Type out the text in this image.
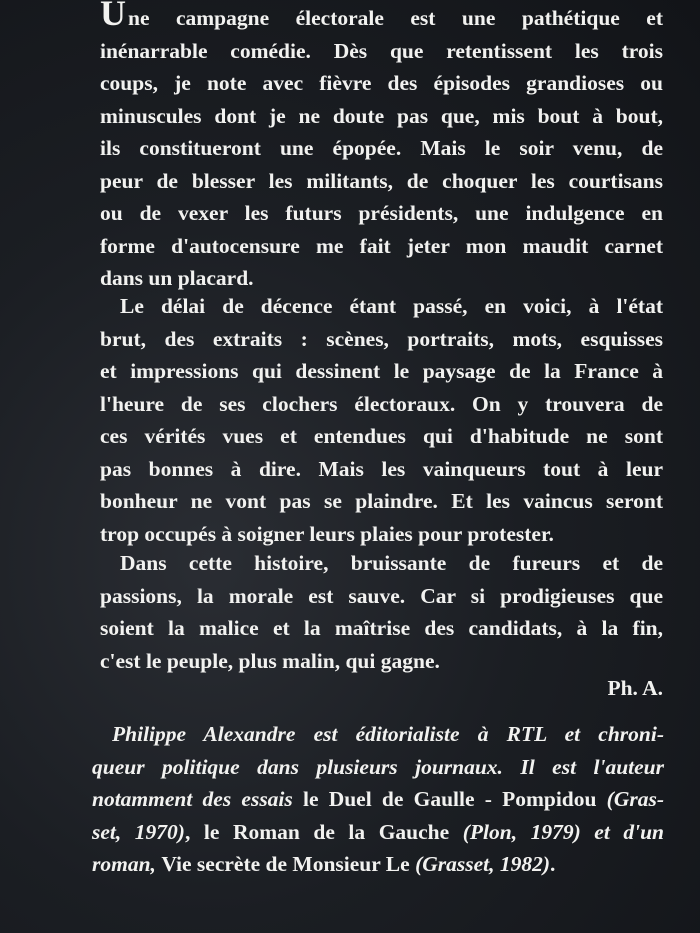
Une campagne électorale est une pathétique et
inénarrable comédie. Dès que retentissent les trois
coups, je note avec fièvre des épisodes grandioses ou
minuscules dont je ne doute pas que, mis bout à bout,
ils constitueront une épopée. Mais le soir venu, de
peur de blesser les militants, de choquer les courtisans
ou de vexer les futurs présidents, une indulgence en
forme d'autocensure me fait jeter mon maudit carnet
dans un placard.
Le délai de décence étant passé, en voici, à l'état
brut, des extraits : scènes, portraits, mots, esquisses
et impressions qui dessinent le paysage de la France à
l'heure de ses clochers électoraux. On y trouvera de
ces vérités vues et entendues qui d'habitude ne sont
pas bonnes à dire. Mais les vainqueurs tout à leur
bonheur ne vont pas se plaindre. Et les vaincus seront
trop occupés à soigner leurs plaies pour protester.
Dans cette histoire, bruissante de fureurs et de
passions, la morale est sauve. Car si prodigieuses que
soient la malice et la maîtrise des candidats, à la fin,
c'est le peuple, plus malin, qui gagne.
Ph. A.
Philippe Alexandre est éditorialiste à RTL et chroni-
queur politique dans plusieurs journaux. Il est l'auteur
notamment des essais le Duel de Gaulle - Pompidou (Gras-
set, 1970), le Roman de la Gauche (Plon, 1979) et d'un
roman, Vie secrète de Monsieur Le (Grasset, 1982).
